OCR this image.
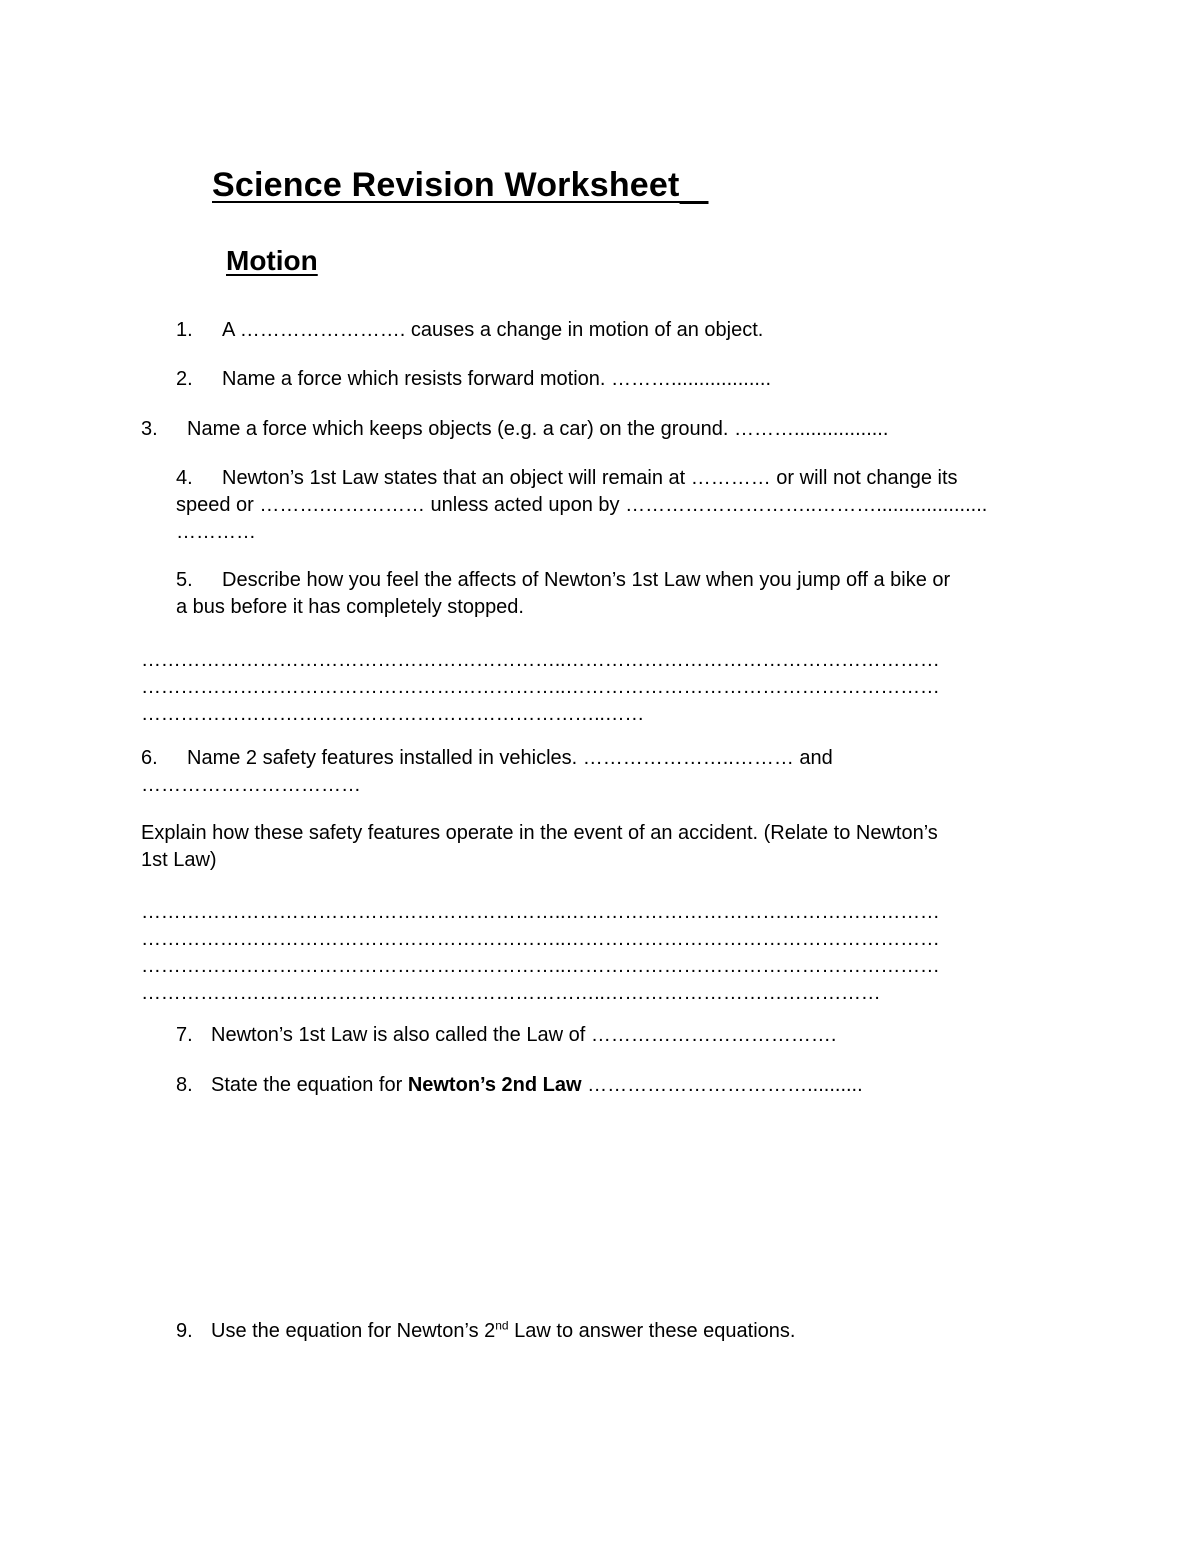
Science Revision Worksheet
Motion
1. A ……………………. causes a change in motion of an object.
2. Name a force which resists forward motion. ………..................
3. Name a force which keeps objects (e.g. a car) on the ground. ……….................
4. Newton’s 1st Law states that an object will remain at ………… or will not change its
speed or ……….…………… unless acted upon by ………………………..………....................
…………
5. Describe how you feel the affects of Newton’s 1st Law when you jump off a bike or
a bus before it has completely stopped.
………………………………………………………..…………………………………………………
………………………………………………………..…………………………………………………
……………………………………………………………..……
6. Name 2 safety features installed in vehicles. …………………..……… and
……………………………
Explain how these safety features operate in the event of an accident. (Relate to Newton’s
1st Law)
………………………………………………………..…………………………………………………
………………………………………………………..…………………………………………………
………………………………………………………..…………………………………………………
……………………………………………………………..……………………………………
7. Newton’s 1st Law is also called the Law of ……………………………….
8. State the equation for Newton’s 2nd Law ……………………………..........
9. Use the equation for Newton’s 2nd Law to answer these equations.
